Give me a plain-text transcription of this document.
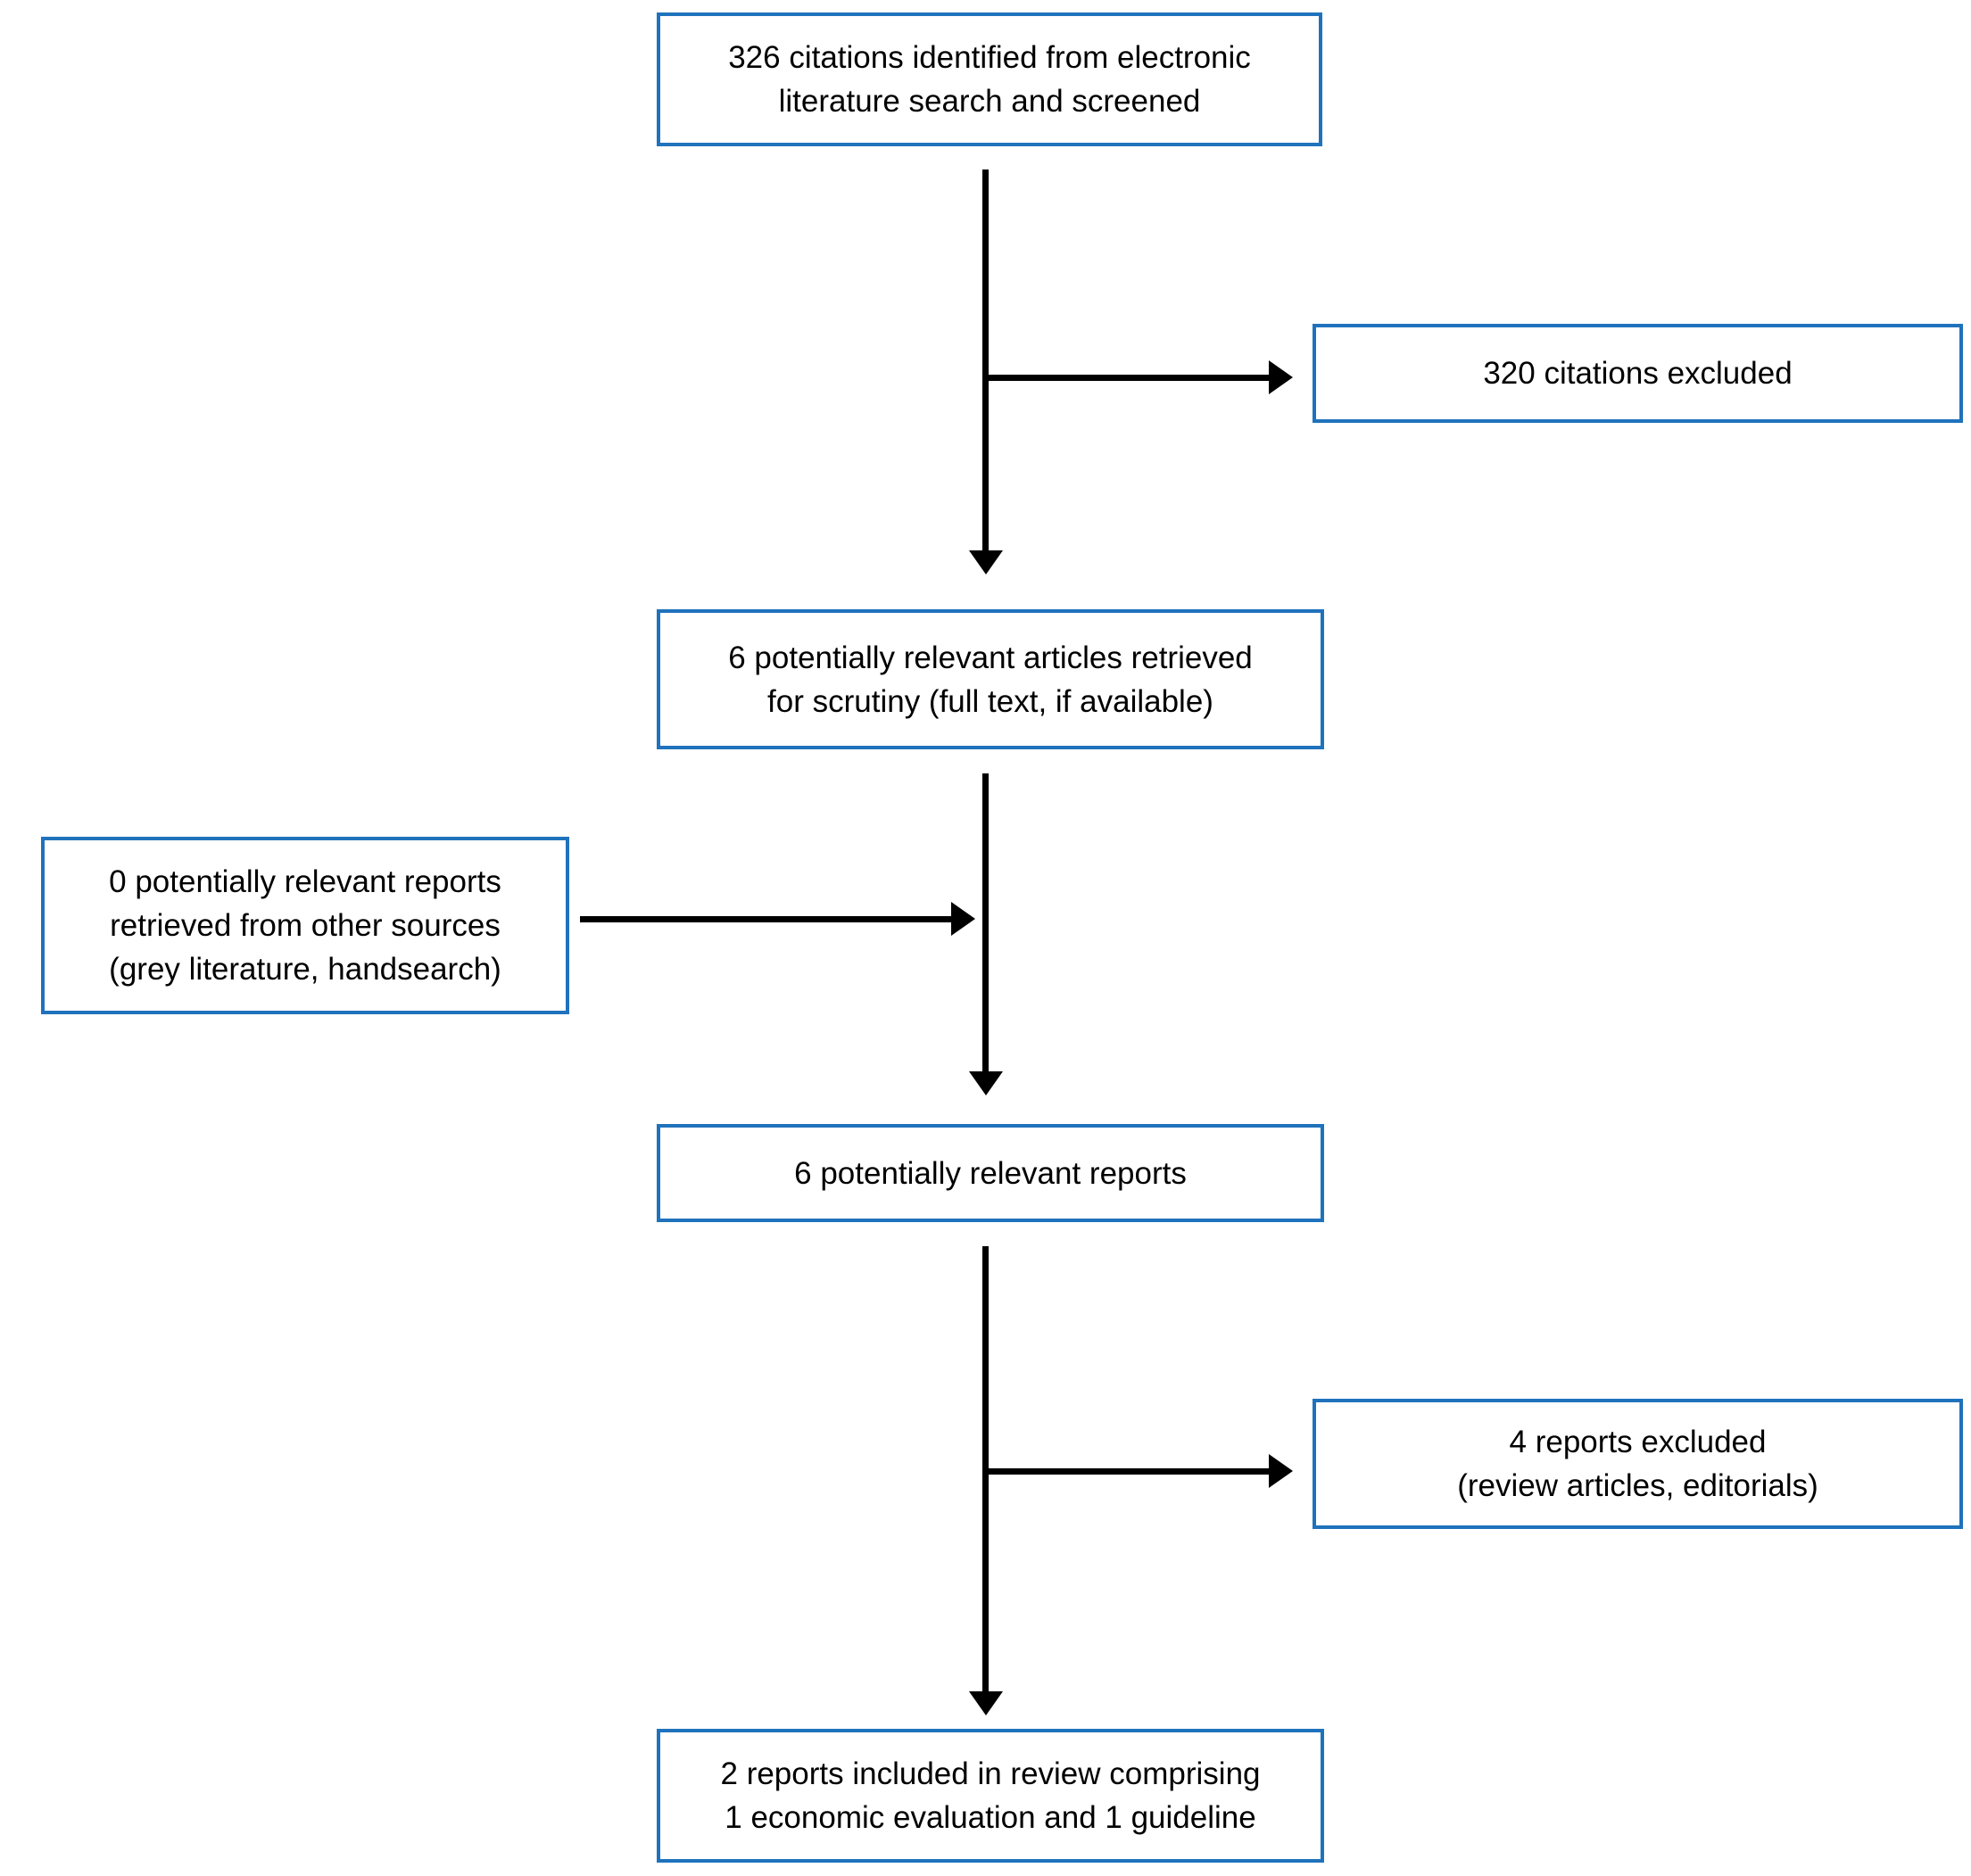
326 citations identified from electronic
literature search and screened
320 citations excluded
6 potentially relevant articles retrieved
for scrutiny (full text, if available)
0 potentially relevant reports
retrieved from other sources
(grey literature, handsearch)
6 potentially relevant reports
4 reports excluded
(review articles, editorials)
2 reports included in review comprising
1 economic evaluation and 1 guideline
